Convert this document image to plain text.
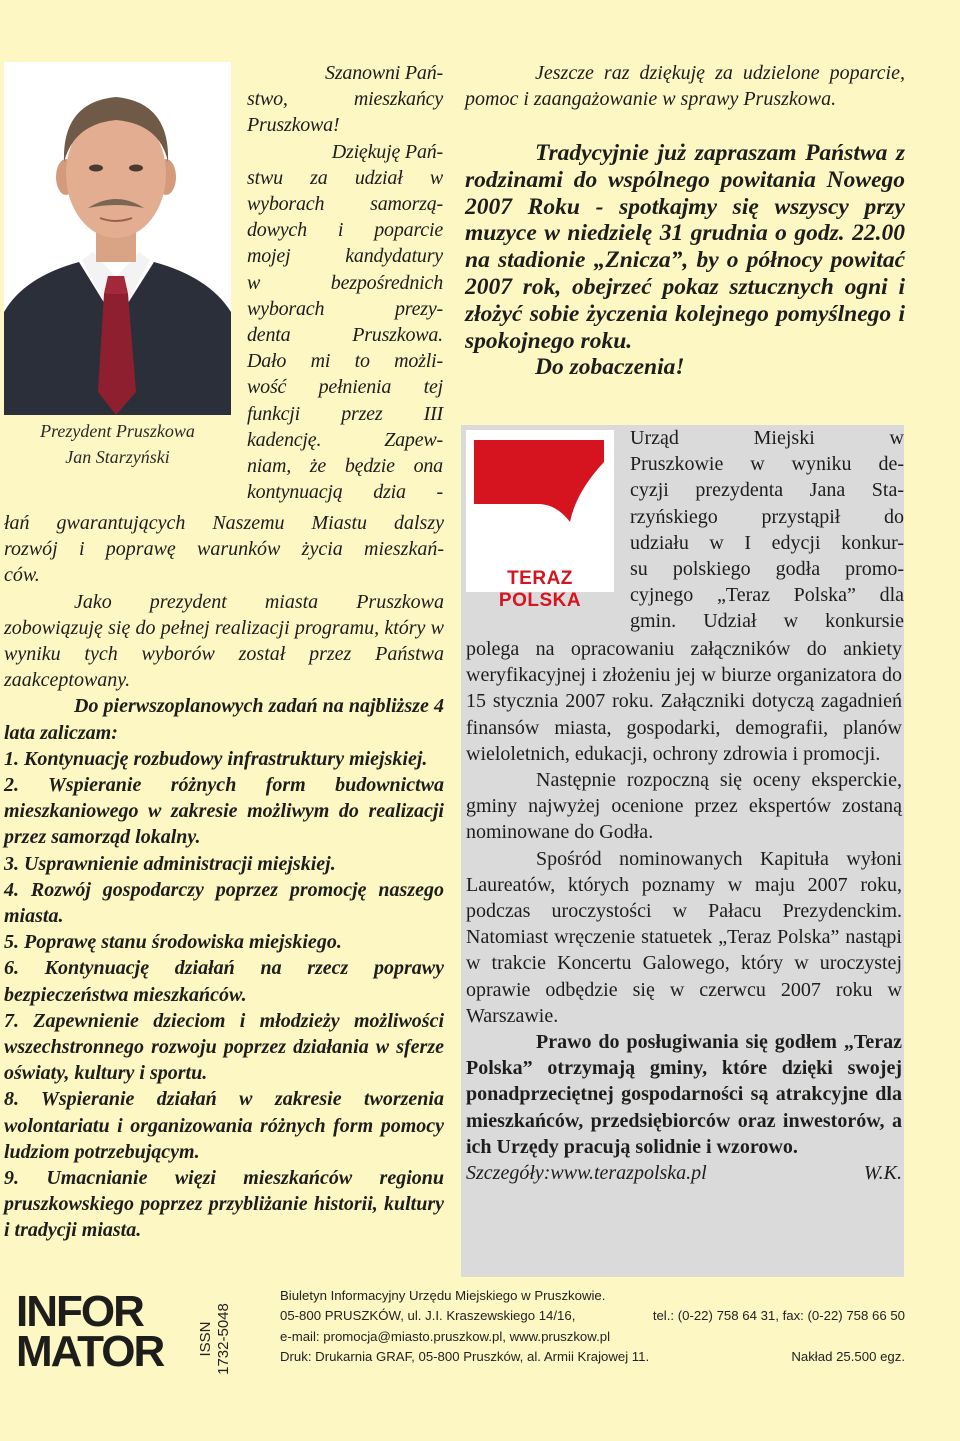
Prezydent Pruszkowa
Jan Starzyński
Szanowni Pań-
stwo, mieszkańcy
Pruszkowa!
Dziękuję Pań-
stwu za udział w
wyborach samorzą-
dowych i poparcie
mojej kandydatury
w bezpośrednich
wyborach prezy-
denta Pruszkowa.
Dało mi to możli-
wość pełnienia tej
funkcji przez III
kadencję. Zapew-
niam, że będzie ona
kontynuacją dzia -
łań gwarantujących Naszemu Miastu dalszy
rozwój i poprawę warunków życia mieszkań-
ców.
Jako prezydent miasta Pruszkowa zobowiązuję się do pełnej realizacji programu, który w wyniku tych wyborów został przez Państwa zaakceptowany.
Do pierwszoplanowych zadań na najbliższe 4 lata zaliczam:
1. Kontynuację rozbudowy infrastruktury miejskiej.
2. Wspieranie różnych form budownictwa mieszkaniowego w zakresie możliwym do realizacji przez samorząd lokalny.
3. Usprawnienie administracji miejskiej.
4. Rozwój gospodarczy poprzez promocję naszego miasta.
5. Poprawę stanu środowiska miejskiego.
6. Kontynuację działań na rzecz poprawy bezpieczeństwa mieszkańców.
7. Zapewnienie dzieciom i młodzieży możliwości wszechstronnego rozwoju poprzez działania w sferze oświaty, kultury i sportu.
8. Wspieranie działań w zakresie tworzenia wolontariatu i organizowania różnych form pomocy ludziom potrzebującym.
9. Umacnianie więzi mieszkańców regionu pruszkowskiego poprzez przybliżanie historii, kultury i tradycji miasta.
Jeszcze raz dziękuję za udzielone poparcie, pomoc i zaangażowanie w sprawy Pruszkowa.
Tradycyjnie już zapraszam Państwa z rodzinami do wspólnego powitania Nowego 2007 Roku - spotkajmy się wszyscy przy muzyce w niedzielę 31 grudnia o godz. 22.00 na stadionie „Znicza”, by o północy powitać 2007 rok, obejrzeć pokaz sztucznych ogni i złożyć sobie życzenia kolejnego pomyślnego i spokojnego roku.
Do zobaczenia!
TERAZ POLSKA
Urząd Miejski w
Pruszkowie w wyniku de-
cyzji prezydenta Jana Sta-
rzyńskiego przystąpił do
udziału w I edycji konkur-
su polskiego godła promo-
cyjnego „Teraz Polska” dla
gmin. Udział w konkursie
polega na opracowaniu załączników do ankiety weryfikacyjnej i złożeniu jej w biurze organizatora do 15 stycznia 2007 roku. Załączniki dotyczą zagadnień finansów miasta, gospodarki, demografii, planów wieloletnich, edukacji, ochrony zdrowia i promocji.
Następnie rozpoczną się oceny eksperckie, gminy najwyżej ocenione przez ekspertów zostaną nominowane do Godła.
Spośród nominowanych Kapituła wyłoni Laureatów, których poznamy w maju 2007 roku, podczas uroczystości w Pałacu Prezydenckim. Natomiast wręczenie statuetek „Teraz Polska” nastąpi w trakcie Koncertu Galowego, który w uroczystej oprawie odbędzie się w czerwcu 2007 roku w Warszawie.
Prawo do posługiwania się godłem „Teraz Polska” otrzymają gminy, które dzięki swojej ponadprzeciętnej gospodarności są atrakcyjne dla mieszkańców, przedsiębiorców oraz inwestorów, a ich Urzędy pracują solidnie i wzorowo.
Szczegóły:www.terazpolska.pl	W.K.
INFOR
MATOR	ISSN 1732-5048
Biuletyn Informacyjny Urzędu Miejskiego w Pruszkowie.
05-800 PRUSZKÓW, ul. J.I. Kraszewskiego 14/16,	tel.: (0-22) 758 64 31, fax: (0-22) 758 66 50
e-mail: promocja@miasto.pruszkow.pl, www.pruszkow.pl
Druk: Drukarnia GRAF, 05-800 Pruszków, al. Armii Krajowej 11.	Nakład 25.500 egz.
